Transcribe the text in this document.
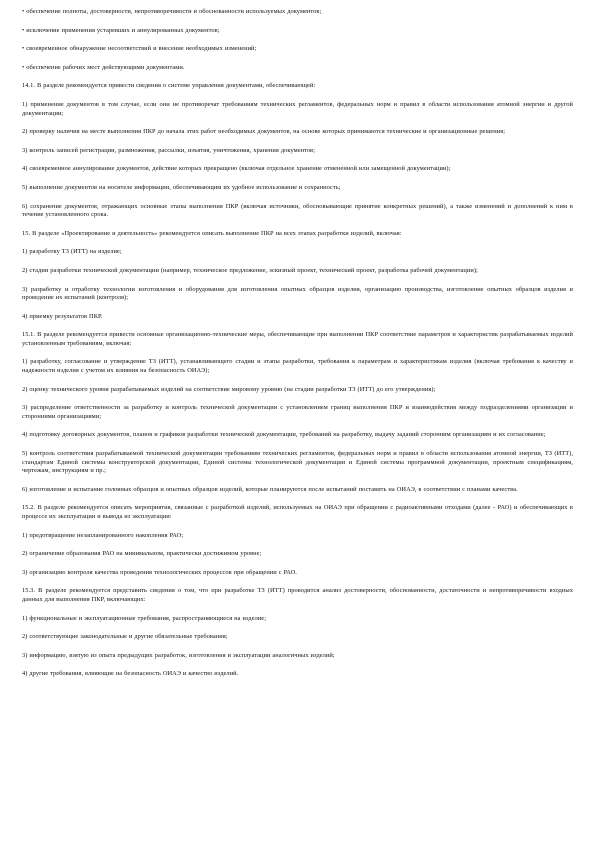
• обеспечение полноты, достоверности, непротиворечивости и обоснованности используемых документов;

• исключение применения устаревших и аннулированных документов;

• своевременное обнаружение несоответствий и внесение необходимых изменений;

• обеспечение рабочих мест действующими документами.

14.1. В разделе рекомендуется привести сведения о системе управления документами, обеспечивающей:

1) применение документов в том случае, если они не противоречат требованиям технических регламентов, федеральных норм и правил в области использования атомной энергии и другой документации;

2) проверку наличия на месте выполнения ПКР до начала этих работ необходимых документов, на основе которых принимаются технические и организационные решения;

3) контроль записей регистрации, размножения, рассылки, изъятия, уничтожения, хранения документов;

4) своевременное аннулирование документов, действие которых прекращено (включая отдельное хранение отмененной или замещенной документации);

5) выполнение документов на носителе информации, обеспечивающим их удобное использование и сохранность;

6) сохранение документов, отражающих основные этапы выполнения ПКР (включая источники, обосновывающие принятие конкретных решений), а также изменений и дополнений к ним в течение установленного срока.

15. В разделе «Проектирование и деятельность» рекомендуется описать выполнение ПКР на всех этапах разработки изделий, включая:

1) разработку ТЗ (ИТТ) на изделие;

2) стадии разработки технической документации (например, техническое предложение, эскизный проект, технический проект, разработка рабочей документации);

3) разработку и отработку технологии изготовления и оборудования для изготовления опытных образцов изделия, организацию производства, изготовление опытных образцов изделия и проведение их испытаний (контроля);

4) приемку результатов ПКР.

15.1. В разделе рекомендуется привести основные организационно-технические меры, обеспечивающие при выполнении ПКР соответствие параметров и характеристик разрабатываемых изделий установленным требованиям, включая:

1) разработку, согласование и утверждение ТЗ (ИТТ), устанавливающего стадии и этапы разработки, требования к параметрам и характеристикам изделия (включая требования к качеству и надежности изделия с учетом их влияния на безопасность ОИАЭ);

2) оценку технического уровня разрабатываемых изделий на соответствие мировому уровню (на стадии разработки ТЗ (ИТТ) до его утверждения);

3) распределение ответственности за разработку и контроль технической документации с установлением границ выполнения ПКР и взаимодействия между подразделениями организации и сторонними организациями;

4) подготовку договорных документов, планов и графиков разработки технической документации, требований на разработку, выдачу заданий сторонним организациям и их согласование;

5) контроль соответствия разрабатываемой технической документации требованиям технических регламентов, федеральных норм и правил в области использования атомной энергии, ТЗ (ИТТ), стандартам Единой системы конструкторской документации, Единой системы технологической документации и Единой системы программной документации, проектным спецификациям, чертежам, инструкциям и пр.;

6) изготовление и испытание головных образцов и опытных образцов изделий, которые планируются после испытаний поставить на ОИАЭ, в соответствии с планами качества.

15.2. В разделе рекомендуется описать мероприятия, связанные с разработкой изделий, используемых на ОИАЭ при обращении с радиоактивными отходами (далее - РАО) и обеспечивающих в процессе их эксплуатации и вывода из эксплуатации:

1) предотвращение незапланированного накопления РАО;

2) ограничение образования РАО на минимальном, практически достижимом уровне;

3) организацию контроля качества проведения технологических процессов при обращении с РАО.

15.3. В разделе рекомендуется представить сведения о том, что при разработке ТЗ (ИТТ) проводится анализ достоверности, обоснованности, достаточности и непротиворечивости входных данных для выполнения ПКР, включающих:

1) функциональные и эксплуатационные требования, распространяющиеся на изделие;

2) соответствующие законодательные и другие обязательные требования;

3) информацию, взятую из опыта предыдущих разработок, изготовления и эксплуатации аналогичных изделий;

4) другие требования, влияющие на безопасность ОИАЭ и качество изделий.
